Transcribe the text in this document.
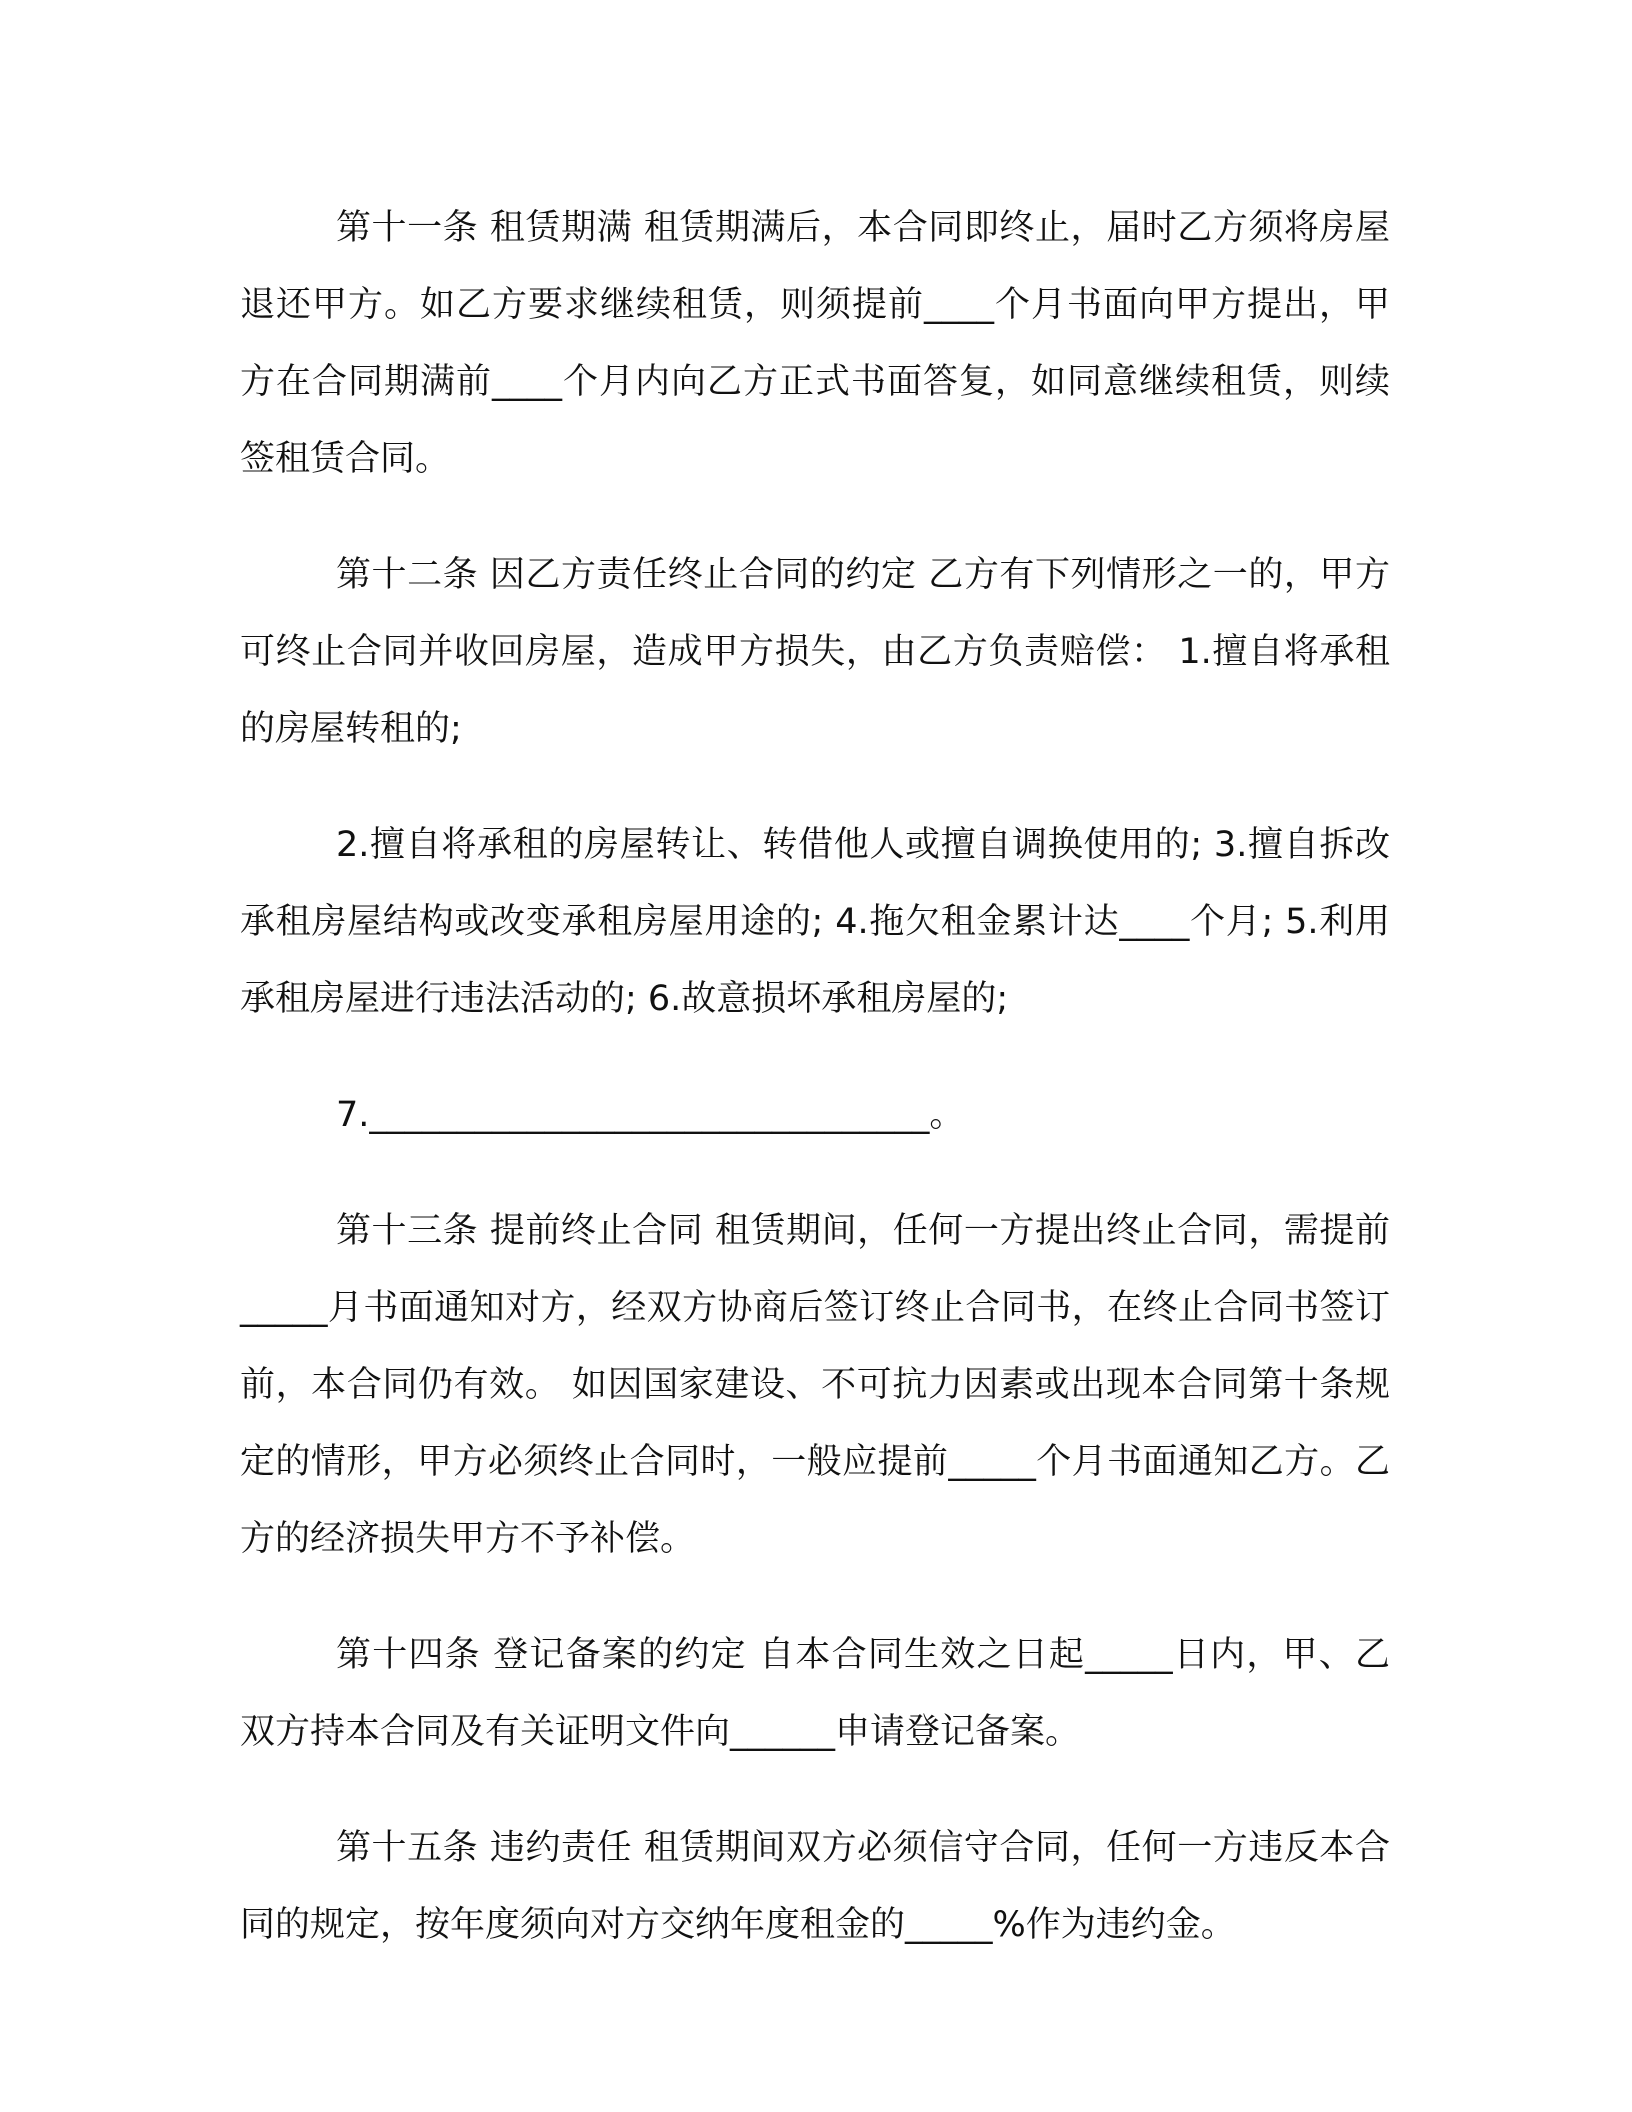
第十一条 租赁期满 租赁期满后，本合同即终止，届时乙方须将房屋退还甲方。如乙方要求继续租赁，则须提前____个月书面向甲方提出，甲方在合同期满前____个月内向乙方正式书面答复，如同意继续租赁，则续签租赁合同。

第十二条 因乙方责任终止合同的约定 乙方有下列情形之一的，甲方可终止合同并收回房屋，造成甲方损失，由乙方负责赔偿： 1.擅自将承租的房屋转租的;

2.擅自将承租的房屋转让、转借他人或擅自调换使用的; 3.擅自拆改承租房屋结构或改变承租房屋用途的; 4.拖欠租金累计达____个月; 5.利用承租房屋进行违法活动的; 6.故意损坏承租房屋的;

7.________________________________。

第十三条 提前终止合同 租赁期间，任何一方提出终止合同，需提前_____月书面通知对方，经双方协商后签订终止合同书，在终止合同书签订前，本合同仍有效。 如因国家建设、不可抗力因素或出现本合同第十条规定的情形，甲方必须终止合同时，一般应提前_____个月书面通知乙方。乙方的经济损失甲方不予补偿。

第十四条 登记备案的约定 自本合同生效之日起_____日内，甲、乙双方持本合同及有关证明文件向______申请登记备案。

第十五条 违约责任 租赁期间双方必须信守合同，任何一方违反本合同的规定，按年度须向对方交纳年度租金的_____%作为违约金。
